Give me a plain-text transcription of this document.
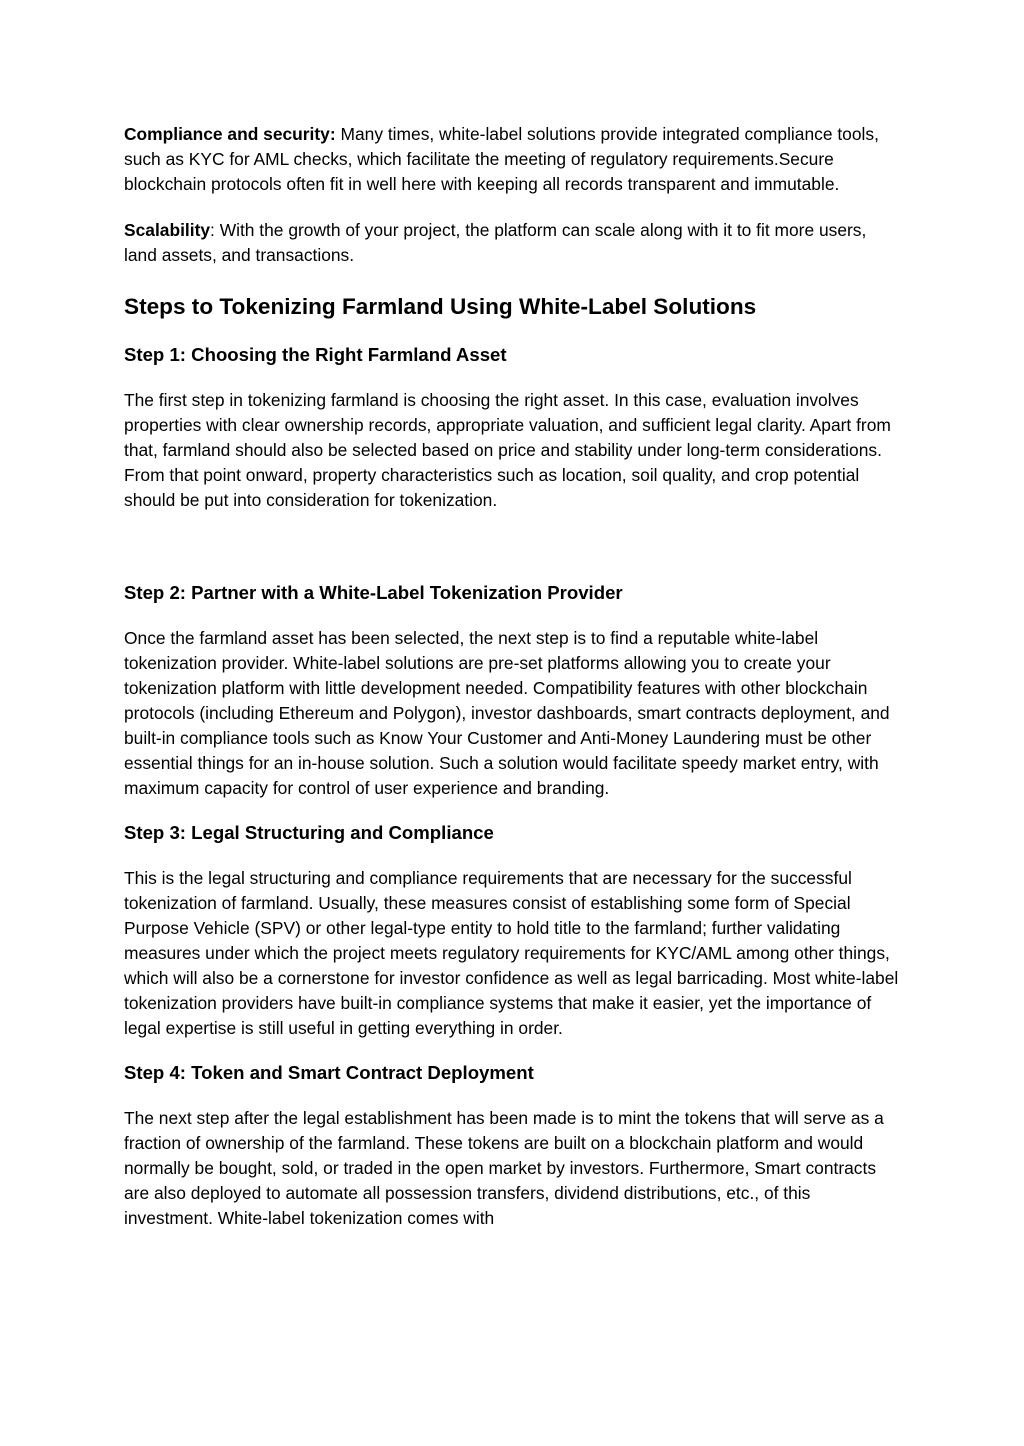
Compliance and security: Many times, white-label solutions provide integrated compliance tools, such as KYC for AML checks, which facilitate the meeting of regulatory requirements.Secure blockchain protocols often fit in well here with keeping all records transparent and immutable.

Scalability: With the growth of your project, the platform can scale along with it to fit more users, land assets, and transactions.

Steps to Tokenizing Farmland Using White-Label Solutions
Step 1: Choosing the Right Farmland Asset

The first step in tokenizing farmland is choosing the right asset. In this case, evaluation involves properties with clear ownership records, appropriate valuation, and sufficient legal clarity. Apart from that, farmland should also be selected based on price and stability under long-term considerations. From that point onward, property characteristics such as location, soil quality, and crop potential should be put into consideration for tokenization.

Step 2: Partner with a White-Label Tokenization Provider

Once the farmland asset has been selected, the next step is to find a reputable white-label tokenization provider. White-label solutions are pre-set platforms allowing you to create your tokenization platform with little development needed. Compatibility features with other blockchain protocols (including Ethereum and Polygon), investor dashboards, smart contracts deployment, and built-in compliance tools such as Know Your Customer and Anti-Money Laundering must be other essential things for an in-house solution. Such a solution would facilitate speedy market entry, with maximum capacity for control of user experience and branding.

Step 3: Legal Structuring and Compliance

This is the legal structuring and compliance requirements that are necessary for the successful tokenization of farmland. Usually, these measures consist of establishing some form of Special Purpose Vehicle (SPV) or other legal-type entity to hold title to the farmland; further validating measures under which the project meets regulatory requirements for KYC/AML among other things, which will also be a cornerstone for investor confidence as well as legal barricading. Most white-label tokenization providers have built-in compliance systems that make it easier, yet the importance of legal expertise is still useful in getting everything in order.

Step 4: Token and Smart Contract Deployment

The next step after the legal establishment has been made is to mint the tokens that will serve as a fraction of ownership of the farmland. These tokens are built on a blockchain platform and would normally be bought, sold, or traded in the open market by investors. Furthermore, Smart contracts are also deployed to automate all possession transfers, dividend distributions, etc., of this investment. White-label tokenization comes with
